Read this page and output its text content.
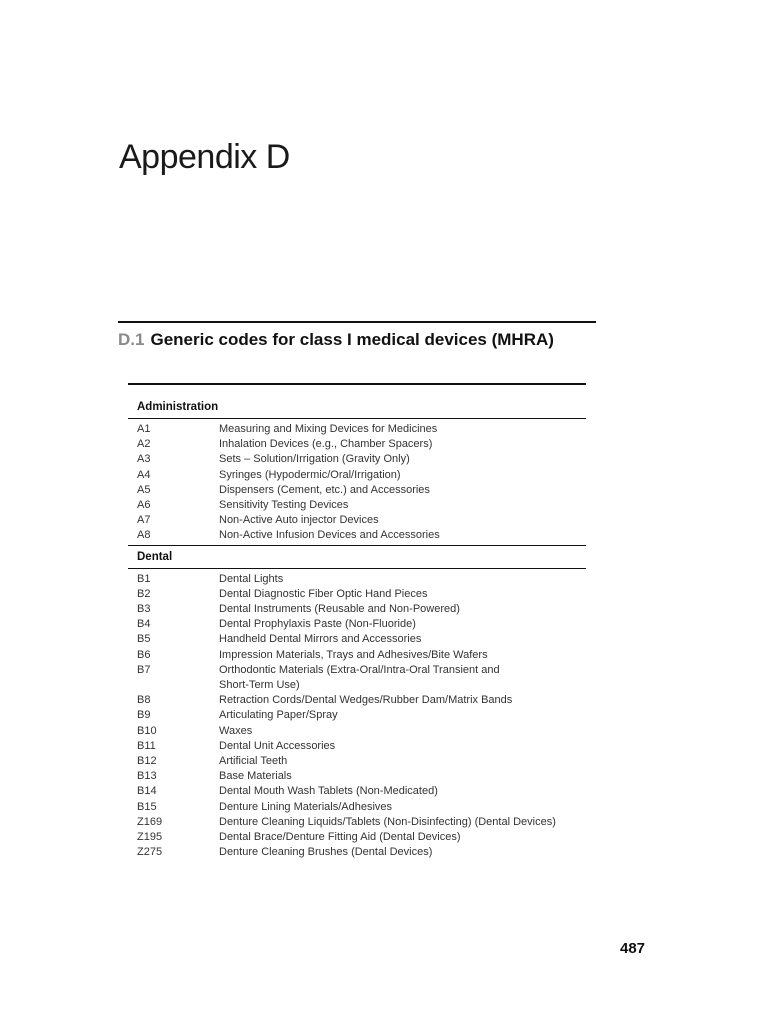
Appendix D
D.1 Generic codes for class I medical devices (MHRA)
Administration
A1	Measuring and Mixing Devices for Medicines
A2	Inhalation Devices (e.g., Chamber Spacers)
A3	Sets – Solution/Irrigation (Gravity Only)
A4	Syringes (Hypodermic/Oral/Irrigation)
A5	Dispensers (Cement, etc.) and Accessories
A6	Sensitivity Testing Devices
A7	Non-Active Auto injector Devices
A8	Non-Active Infusion Devices and Accessories
Dental
B1	Dental Lights
B2	Dental Diagnostic Fiber Optic Hand Pieces
B3	Dental Instruments (Reusable and Non-Powered)
B4	Dental Prophylaxis Paste (Non-Fluoride)
B5	Handheld Dental Mirrors and Accessories
B6	Impression Materials, Trays and Adhesives/Bite Wafers
B7	Orthodontic Materials (Extra-Oral/Intra-Oral Transient and
Short-Term Use)
B8	Retraction Cords/Dental Wedges/Rubber Dam/Matrix Bands
B9	Articulating Paper/Spray
B10	Waxes
B11	Dental Unit Accessories
B12	Artificial Teeth
B13	Base Materials
B14	Dental Mouth Wash Tablets (Non-Medicated)
B15	Denture Lining Materials/Adhesives
Z169	Denture Cleaning Liquids/Tablets (Non-Disinfecting) (Dental Devices)
Z195	Dental Brace/Denture Fitting Aid (Dental Devices)
Z275	Denture Cleaning Brushes (Dental Devices)
487
